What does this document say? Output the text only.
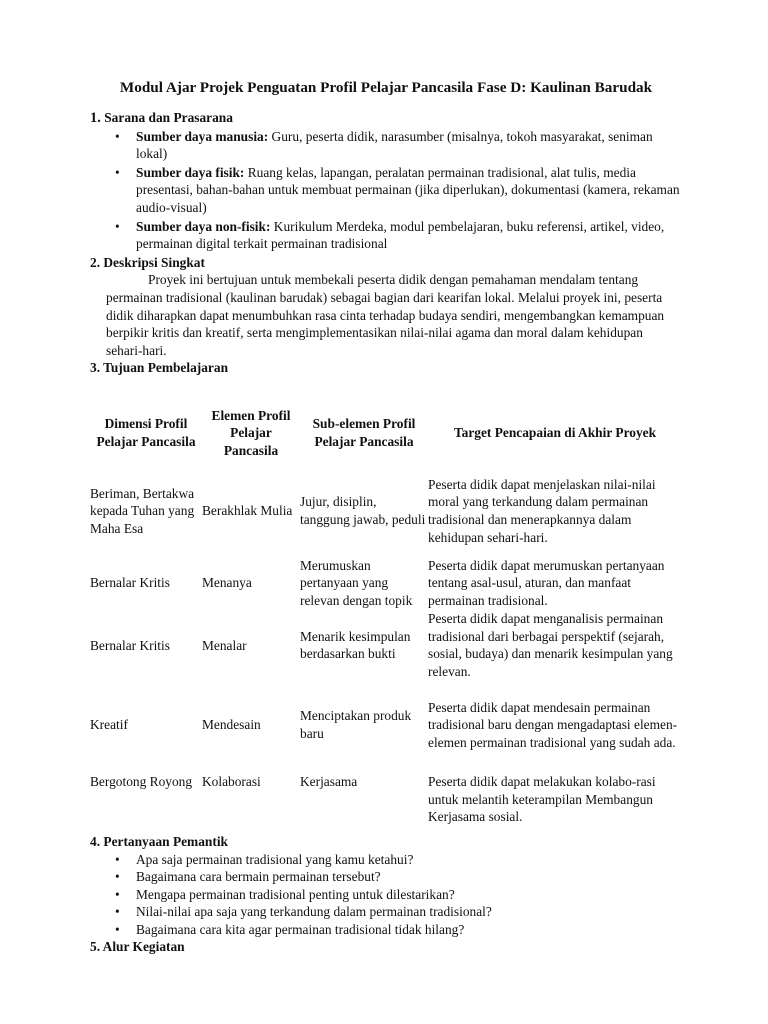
Modul Ajar Projek Penguatan Profil Pelajar Pancasila Fase D: Kaulinan Barudak

1. Sarana dan Prasarana

• Sumber daya manusia: Guru, peserta didik, narasumber (misalnya, tokoh masyarakat, seniman lokal)
• Sumber daya fisik: Ruang kelas, lapangan, peralatan permainan tradisional, alat tulis, media presentasi, bahan-bahan untuk membuat permainan (jika diperlukan), dokumentasi (kamera, rekaman audio-visual)
• Sumber daya non-fisik: Kurikulum Merdeka, modul pembelajaran, buku referensi, artikel, video, permainan digital terkait permainan tradisional

2. Deskripsi Singkat

Proyek ini bertujuan untuk membekali peserta didik dengan pemahaman mendalam tentang permainan tradisional (kaulinan barudak) sebagai bagian dari kearifan lokal. Melalui proyek ini, peserta didik diharapkan dapat menumbuhkan rasa cinta terhadap budaya sendiri, mengembangkan kemampuan berpikir kritis dan kreatif, serta mengimplementasikan nilai-nilai agama dan moral dalam kehidupan sehari-hari.

3. Tujuan Pembelajaran

Dimensi Profil Pelajar Pancasila	Elemen Profil Pelajar Pancasila	Sub-elemen Profil Pelajar Pancasila	Target Pencapaian di Akhir Proyek
Beriman, Bertakwa kepada Tuhan yang Maha Esa	Berakhlak Mulia	Jujur, disiplin, tanggung jawab, peduli	Peserta didik dapat menjelaskan nilai-nilai moral yang terkandung dalam permainan tradisional dan menerapkannya dalam kehidupan sehari-hari.
Bernalar Kritis	Menanya	Merumuskan pertanyaan yang relevan dengan topik	Peserta didik dapat merumuskan pertanyaan tentang asal-usul, aturan, dan manfaat permainan tradisional.
Bernalar Kritis	Menalar	Menarik kesimpulan berdasarkan bukti	Peserta didik dapat menganalisis permainan tradisional dari berbagai perspektif (sejarah, sosial, budaya) dan menarik kesimpulan yang relevan.
Kreatif	Mendesain	Menciptakan produk baru	Peserta didik dapat mendesain permainan tradisional baru dengan mengadaptasi elemen-elemen permainan tradisional yang sudah ada.
Bergotong Royong	Kolaborasi	Kerjasama	Peserta didik dapat melakukan kolabo-rasi untuk melantih keterampilan Membangun Kerjasama sosial.

4. Pertanyaan Pemantik

• Apa saja permainan tradisional yang kamu ketahui?
• Bagaimana cara bermain permainan tersebut?
• Mengapa permainan tradisional penting untuk dilestarikan?
• Nilai-nilai apa saja yang terkandung dalam permainan tradisional?
• Bagaimana cara kita agar permainan tradisional tidak hilang?

5. Alur Kegiatan
